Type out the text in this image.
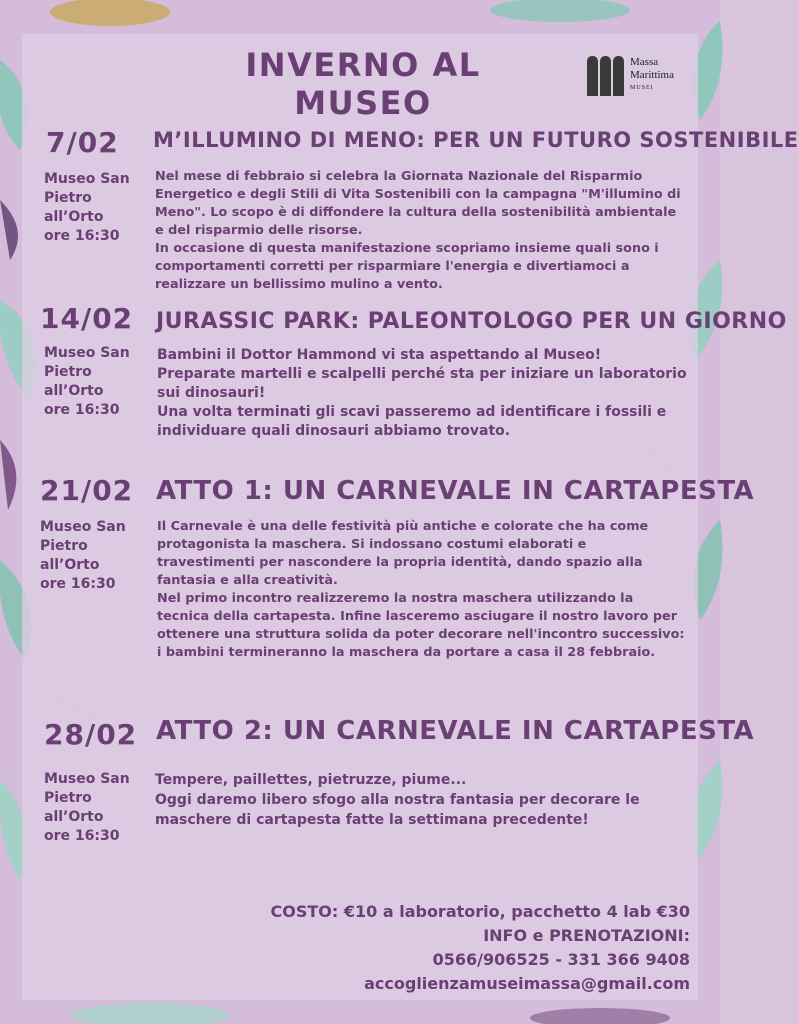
INVERNO AL MUSEO
Massa
Marittima
MUSEI
7/02
Museo San
Pietro
all’Orto
ore 16:30
M’ILLUMINO DI MENO: PER UN FUTURO SOSTENIBILE

Nel mese di febbraio si celebra la Giornata Nazionale del Risparmio Energetico e degli Stili di Vita Sostenibili con la campagna "M'illumino di Meno". Lo scopo è di diffondere la cultura della sostenibilità ambientale e del risparmio delle risorse.

In occasione di questa manifestazione scopriamo insieme quali sono i comportamenti corretti per risparmiare l'energia e divertiamoci a realizzare un bellissimo mulino a vento.

14/02
Museo San
Pietro
all’Orto
ore 16:30
JURASSIC PARK: PALEONTOLOGO PER UN GIORNO

Bambini il Dottor Hammond vi sta aspettando al Museo!

Preparate martelli e scalpelli perché sta per iniziare un laboratorio sui dinosauri!

Una volta terminati gli scavi passeremo ad identificare i fossili e individuare quali dinosauri abbiamo trovato.

21/02
Museo San
Pietro
all’Orto
ore 16:30
ATTO 1: UN CARNEVALE IN CARTAPESTA

Il Carnevale è una delle festività più antiche e colorate che ha come protagonista la maschera. Si indossano costumi elaborati e travestimenti per nascondere la propria identità, dando spazio alla fantasia e alla creatività.

Nel primo incontro realizzeremo la nostra maschera utilizzando la tecnica della cartapesta. Infine lasceremo asciugare il nostro lavoro per ottenere una struttura solida da poter decorare nell'incontro successivo: i bambini termineranno la maschera da portare a casa il 28 febbraio.

28/02
Museo San
Pietro
all’Orto
ore 16:30
ATTO 2: UN CARNEVALE IN CARTAPESTA

Tempere, paillettes, pietruzze, piume...

Oggi daremo libero sfogo alla nostra fantasia per decorare le maschere di cartapesta fatte la settimana precedente!

COSTO: €10 a laboratorio, pacchetto 4 lab €30
INFO e PRENOTAZIONI:
0566/906525 - 331 366 9408
accoglienzamuseimassa@gmail.com
